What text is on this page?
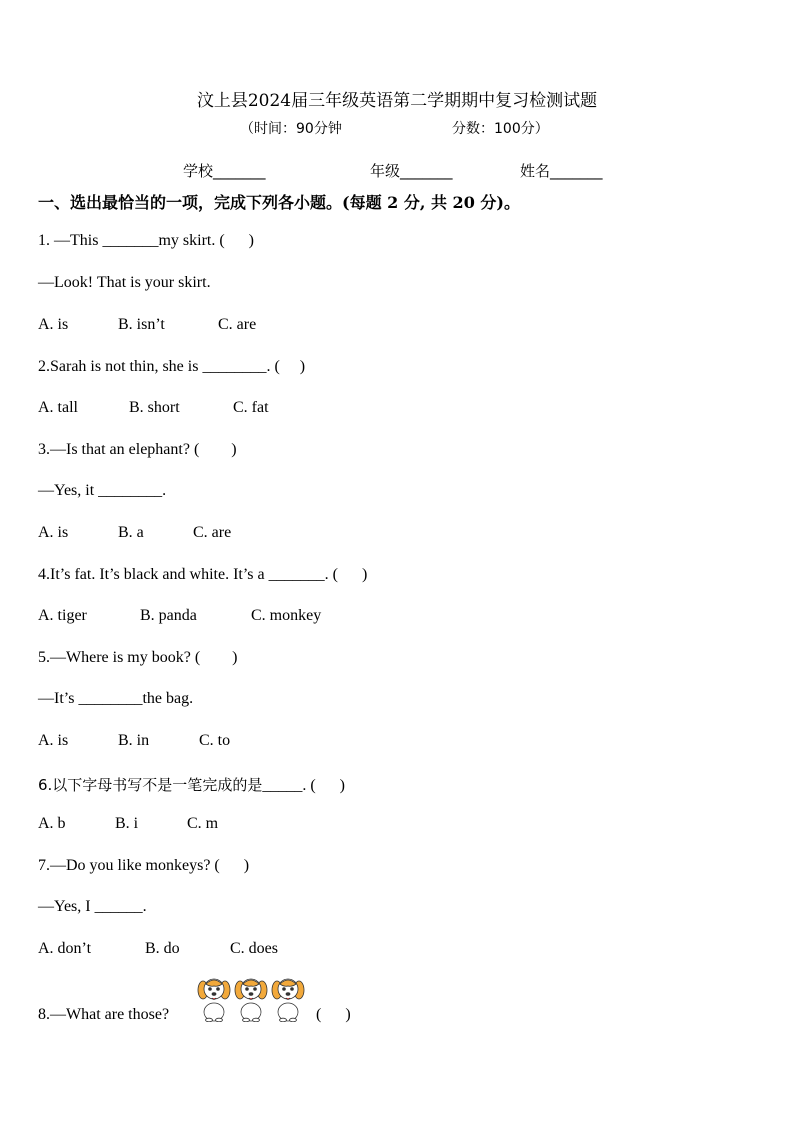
汶上县2024届三年级英语第二学期期中复习检测试题
（时间：90分钟	分数：100分）
学校_______	年级_______	姓名_______
一、选出最恰当的一项，完成下列各小题。(每题 2 分, 共 20 分)。
1. —This _______my skirt. (      )
—Look! That is your skirt.
A. is	B. isn’t	C. are
2.Sarah is not thin, she is ________. (     )
A. tall	B. short	C. fat
3.—Is that an elephant? (        )
—Yes, it ________.
A. is	B. a	C. are
4.It’s fat. It’s black and white. It’s a _______. (      )
A. tiger	B. panda	C. monkey
5.—Where is my book? (        )
—It’s ________the bag.
A. is	B. in	C. to
6.以下字母书写不是一笔完成的是_____. (      )
A. b	B. i	C. m
7.—Do you like monkeys? (      )
—Yes, I ______.
A. don’t	B. do	C. does
8.—What are those?	(      )
